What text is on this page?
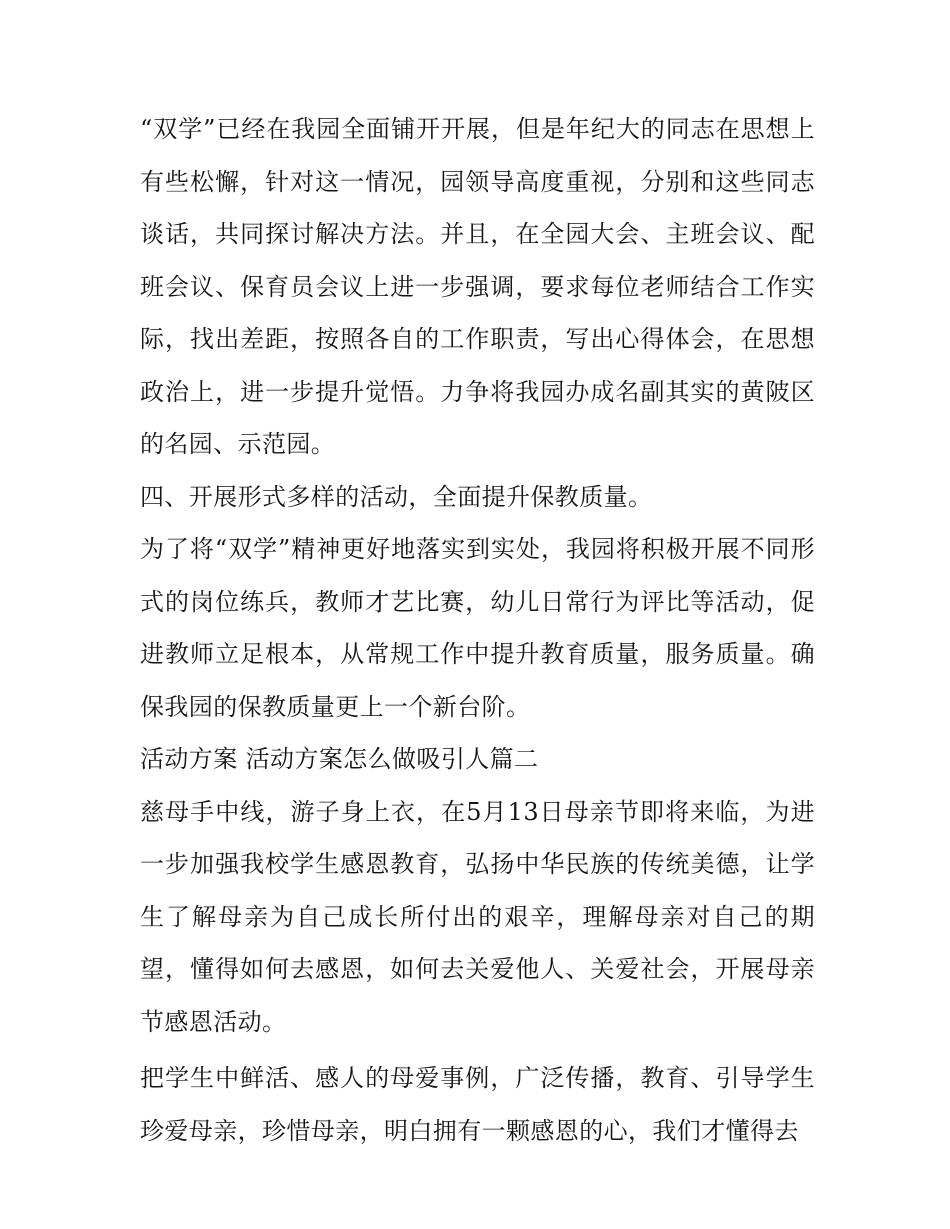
“双学”已经在我园全面铺开开展，但是年纪大的同志在思想上有些松懈，针对这一情况，园领导高度重视，分别和这些同志谈话，共同探讨解决方法。并且，在全园大会、主班会议、配班会议、保育员会议上进一步强调，要求每位老师结合工作实际，找出差距，按照各自的工作职责，写出心得体会，在思想政治上，进一步提升觉悟。力争将我园办成名副其实的黄陂区的名园、示范园。

四、开展形式多样的活动，全面提升保教质量。

为了将“双学”精神更好地落实到实处，我园将积极开展不同形式的岗位练兵，教师才艺比赛，幼儿日常行为评比等活动，促进教师立足根本，从常规工作中提升教育质量，服务质量。确保我园的保教质量更上一个新台阶。

活动方案 活动方案怎么做吸引人篇二

慈母手中线，游子身上衣，在5月13日母亲节即将来临，为进一步加强我校学生感恩教育，弘扬中华民族的传统美德，让学生了解母亲为自己成长所付出的艰辛，理解母亲对自己的期望，懂得如何去感恩，如何去关爱他人、关爱社会，开展母亲节感恩活动。

把学生中鲜活、感人的母爱事例，广泛传播，教育、引导学生珍爱母亲，珍惜母亲，明白拥有一颗感恩的心，我们才懂得去
